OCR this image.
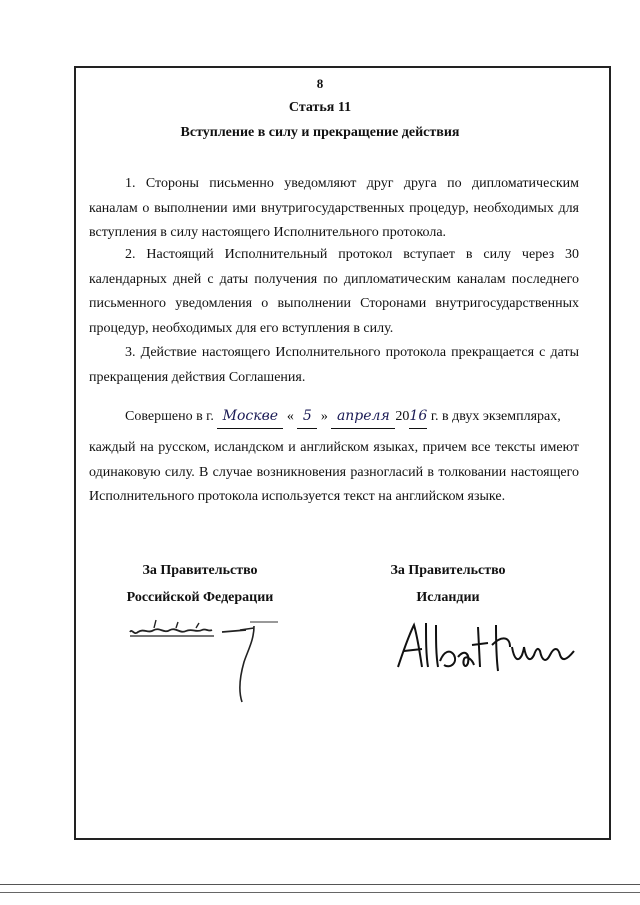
8
Статья 11
Вступление в силу и прекращение действия
1. Стороны письменно уведомляют друг друга по дипломатическим каналам о выполнении ими внутригосударственных процедур, необходимых для вступления в силу настоящего Исполнительного протокола.
2. Настоящий Исполнительный протокол вступает в силу через 30 календарных дней с даты получения по дипломатическим каналам последнего письменного уведомления о выполнении Сторонами внутригосударственных процедур, необходимых для его вступления в силу.
3. Действие настоящего Исполнительного протокола прекращается с даты прекращения действия Соглашения.
Совершено в г. Москве « 5 » апреля 2016 г. в двух экземплярах,
каждый на русском, исландском и английском языках, причем все тексты имеют одинаковую силу. В случае возникновения разногласий в толковании настоящего Исполнительного протокола используется текст на английском языке.
За Правительство
Российской Федерации
За Правительство
Исландии
